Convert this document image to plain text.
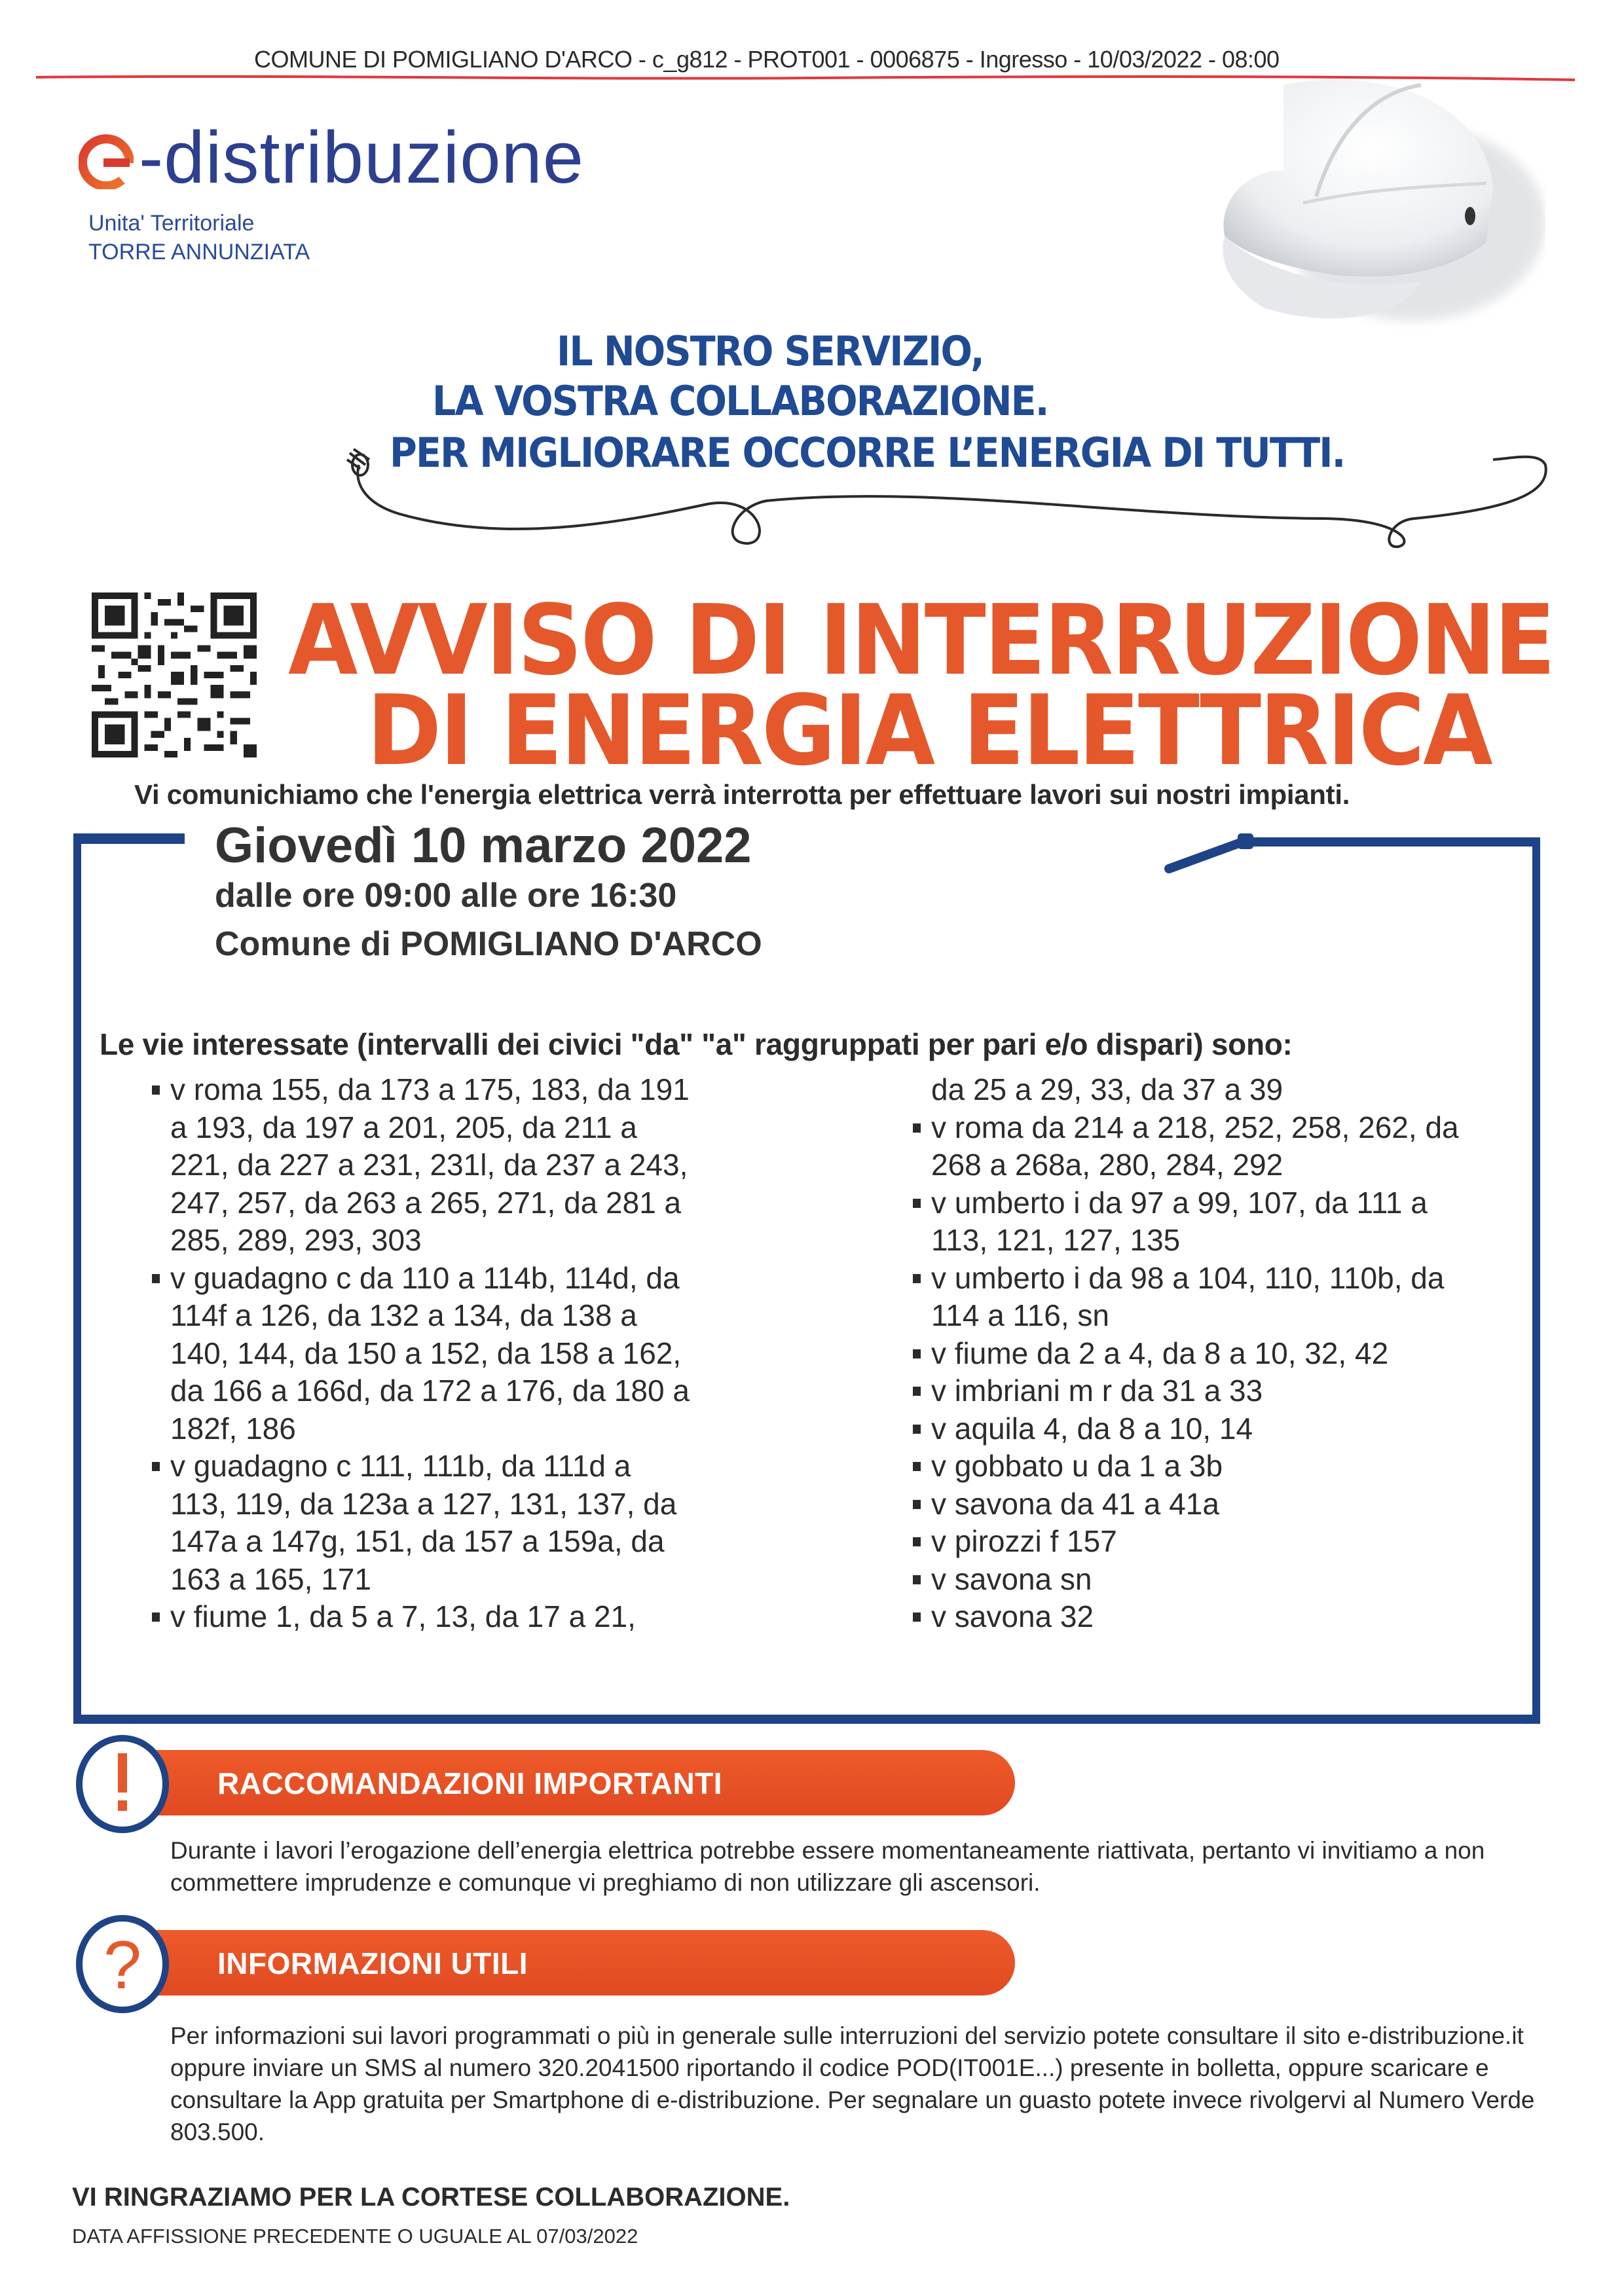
COMUNE DI POMIGLIANO D'ARCO - c_g812 - PROT001 - 0006875 - Ingresso - 10/03/2022 - 08:00
-distribuzione
Unita' Territoriale
TORRE ANNUNZIATA
IL NOSTRO SERVIZIO,
LA VOSTRA COLLABORAZIONE.
PER MIGLIORARE OCCORRE L’ENERGIA DI TUTTI.
AVVISO DI INTERRUZIONE
DI ENERGIA ELETTRICA
Vi comunichiamo che l'energia elettrica verrà interrotta per effettuare lavori sui nostri impianti.
Giovedì 10 marzo 2022
dalle ore 09:00 alle ore 16:30
Comune di POMIGLIANO D'ARCO
Le vie interessate (intervalli dei civici "da" "a" raggruppati per pari e/o dispari) sono:
v roma 155, da 173 a 175, 183, da 191
a 193, da 197 a 201, 205, da 211 a
221, da 227 a 231, 231l, da 237 a 243,
247, 257, da 263 a 265, 271, da 281 a
285, 289, 293, 303
v guadagno c da 110 a 114b, 114d, da
114f a 126, da 132 a 134, da 138 a
140, 144, da 150 a 152, da 158 a 162,
da 166 a 166d, da 172 a 176, da 180 a
182f, 186
v guadagno c 111, 111b, da 111d a
113, 119, da 123a a 127, 131, 137, da
147a a 147g, 151, da 157 a 159a, da
163 a 165, 171
v fiume 1, da 5 a 7, 13, da 17 a 21,
da 25 a 29, 33, da 37 a 39
v roma da 214 a 218, 252, 258, 262, da
268 a 268a, 280, 284, 292
v umberto i da 97 a 99, 107, da 111 a
113, 121, 127, 135
v umberto i da 98 a 104, 110, 110b, da
114 a 116, sn
v fiume da 2 a 4, da 8 a 10, 32, 42
v imbriani m r da 31 a 33
v aquila 4, da 8 a 10, 14
v gobbato u da 1 a 3b
v savona da 41 a 41a
v pirozzi f 157
v savona sn
v savona 32
RACCOMANDAZIONI IMPORTANTI
Durante i lavori l’erogazione dell’energia elettrica potrebbe essere momentaneamente riattivata, pertanto vi invitiamo a non commettere imprudenze e comunque vi preghiamo di non utilizzare gli ascensori.
INFORMAZIONI UTILI
?
Per informazioni sui lavori programmati o più in generale sulle interruzioni del servizio potete consultare il sito e-distribuzione.it oppure inviare un SMS al numero 320.2041500 riportando il codice POD(IT001E...) presente in bolletta, oppure scaricare e consultare la App gratuita per Smartphone di e-distribuzione. Per segnalare un guasto potete invece rivolgervi al Numero Verde 803.500.
VI RINGRAZIAMO PER LA CORTESE COLLABORAZIONE.
DATA AFFISSIONE PRECEDENTE O UGUALE AL 07/03/2022
